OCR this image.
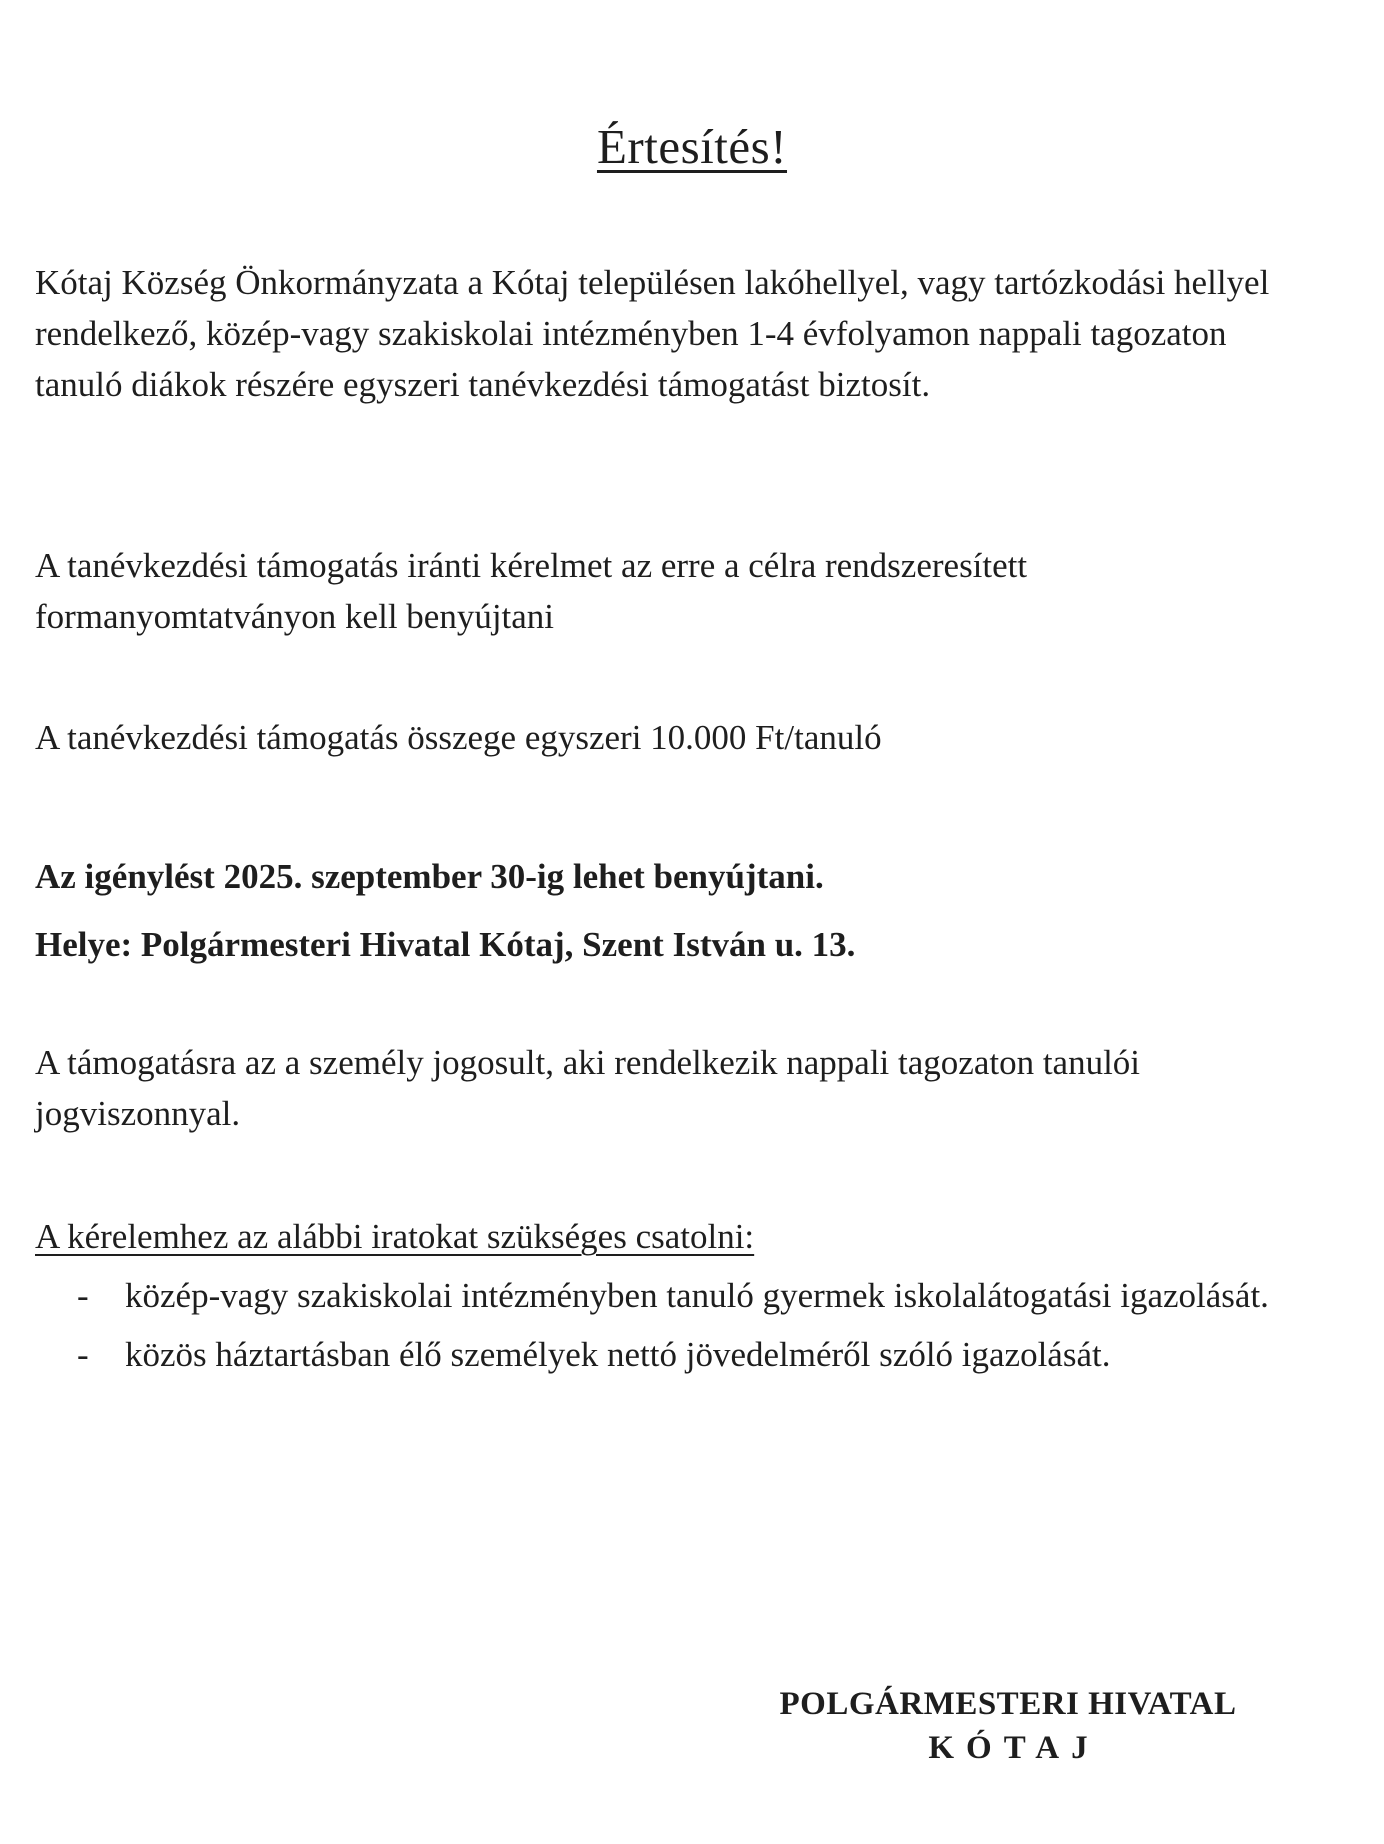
Értesítés!

Kótaj Község Önkormányzata a Kótaj településen lakóhellyel, vagy tartózkodási hellyel rendelkező, közép-vagy szakiskolai intézményben 1-4 évfolyamon nappali tagozaton tanuló diákok részére egyszeri tanévkezdési támogatást biztosít.

A tanévkezdési támogatás iránti kérelmet az erre a célra rendszeresített formanyomtatványon kell benyújtani

A tanévkezdési támogatás összege egyszeri 10.000 Ft/tanuló

Az igénylést 2025. szeptember 30-ig lehet benyújtani.
Helye: Polgármesteri Hivatal Kótaj, Szent István u. 13.

A támogatásra az a személy jogosult, aki rendelkezik nappali tagozaton tanulói jogviszonnyal.

A kérelemhez az alábbi iratokat szükséges csatolni:

- közép-vagy szakiskolai intézményben tanuló gyermek iskolalátogatási igazolását.
- közös háztartásban élő személyek nettó jövedelméről szóló igazolását.
POLGÁRMESTERI HIVATAL
KÓTAJ
